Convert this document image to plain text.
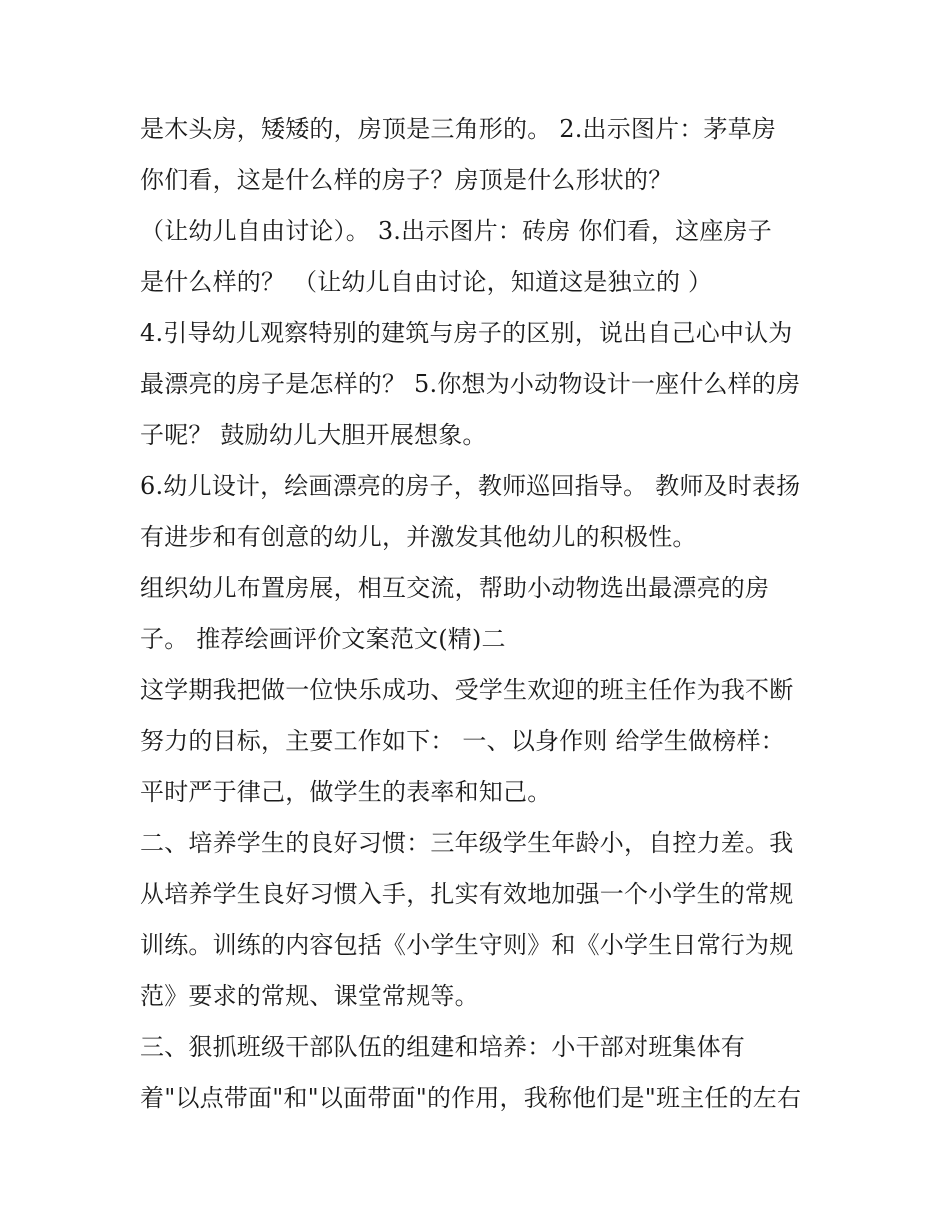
是木头房，矮矮的，房顶是三角形的。 2.出示图片：茅草房
你们看，这是什么样的房子？房顶是什么形状的？
（让幼儿自由讨论）。 3.出示图片：砖房 你们看，这座房子
是什么样的？ （让幼儿自由讨论，知道这是独立的 ）
4.引导幼儿观察特别的建筑与房子的区别，说出自己心中认为
最漂亮的房子是怎样的？ 5.你想为小动物设计一座什么样的房
子呢？ 鼓励幼儿大胆开展想象。
6.幼儿设计，绘画漂亮的房子，教师巡回指导。 教师及时表扬
有进步和有创意的幼儿，并激发其他幼儿的积极性。
组织幼儿布置房展，相互交流，帮助小动物选出最漂亮的房
子。 推荐绘画评价文案范文(精)二
这学期我把做一位快乐成功、受学生欢迎的班主任作为我不断
努力的目标，主要工作如下： 一、以身作则 给学生做榜样：
平时严于律己，做学生的表率和知己。
二、培养学生的良好习惯：三年级学生年龄小，自控力差。我
从培养学生良好习惯入手，扎实有效地加强一个小学生的常规
训练。训练的内容包括《小学生守则》和《小学生日常行为规
范》要求的常规、课堂常规等。
三、狠抓班级干部队伍的组建和培养：小干部对班集体有
着"以点带面"和"以面带面"的作用，我称他们是"班主任的左右
